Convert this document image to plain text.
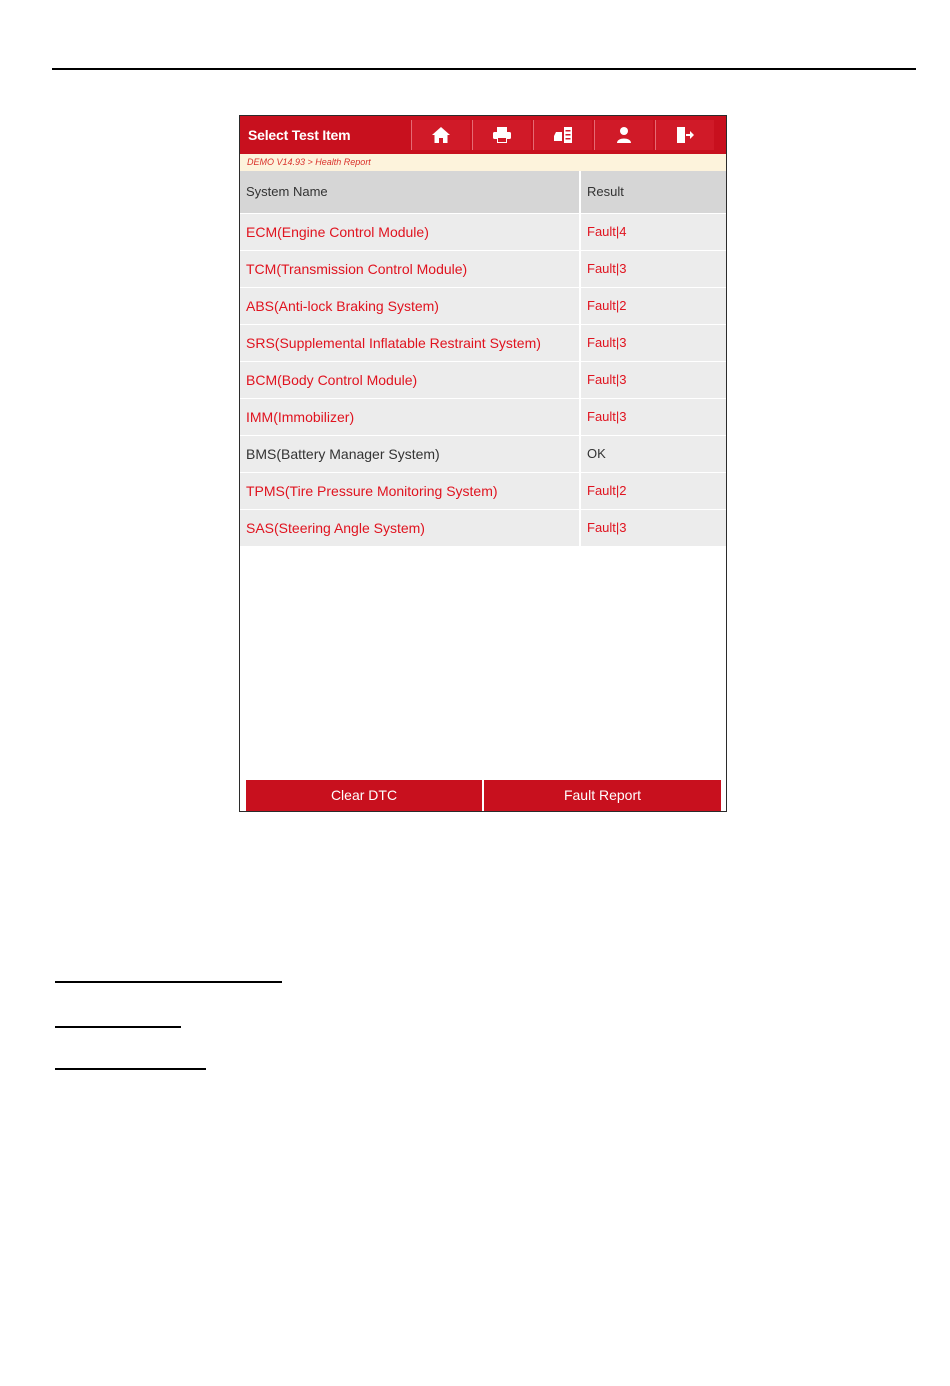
Select Test Item
DEMO V14.93 > Health Report
System Name	Result
ECM(Engine Control Module)	Fault|4
TCM(Transmission Control Module)	Fault|3
ABS(Anti-lock Braking System)	Fault|2
SRS(Supplemental Inflatable Restraint System)	Fault|3
BCM(Body Control Module)	Fault|3
IMM(Immobilizer)	Fault|3
BMS(Battery Manager System)	OK
TPMS(Tire Pressure Monitoring System)	Fault|2
SAS(Steering Angle System)	Fault|3
Clear DTC	Fault Report
